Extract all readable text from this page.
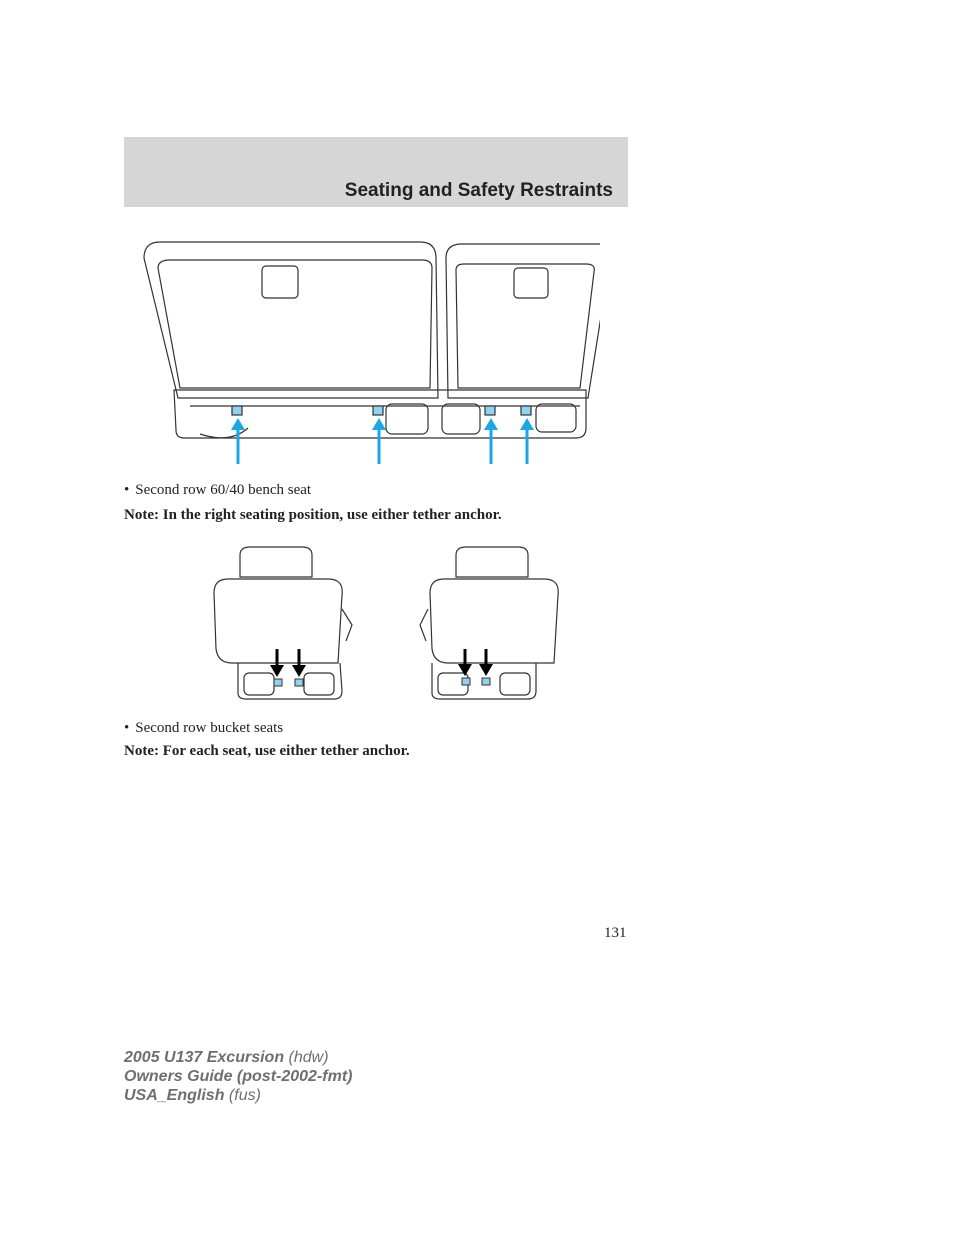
Seating and Safety Restraints
• Second row 60/40 bench seat
Note: In the right seating position, use either tether anchor.
• Second row bucket seats
Note: For each seat, use either tether anchor.
131
2005 U137 Excursion (hdw)
Owners Guide (post-2002-fmt)
USA_English (fus)
